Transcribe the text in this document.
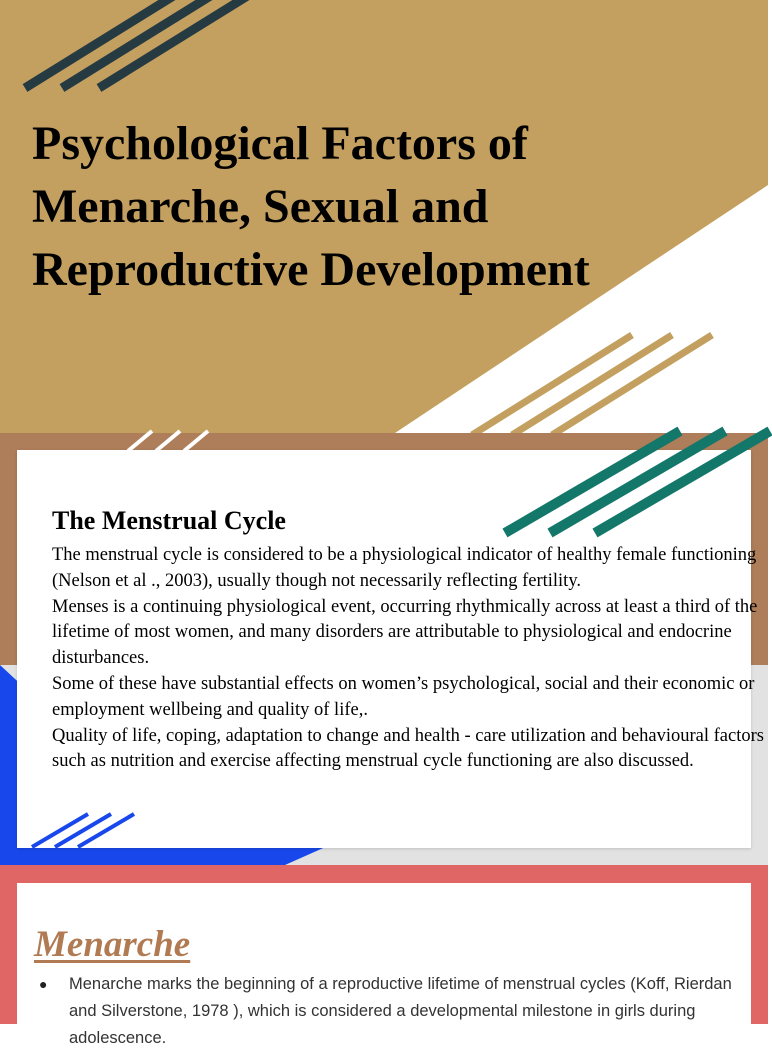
Psychological Factors of Menarche, Sexual and Reproductive Development
The Menstrual Cycle

The menstrual cycle is considered to be a physiological indicator of healthy female functioning (Nelson et al ., 2003), usually though not necessarily reflecting fertility.

Menses is a continuing physiological event, occurring rhythmically across at least a third of the lifetime of most women, and many disorders are attributable to physiological and endocrine disturbances.

Some of these have substantial effects on women’s psychological, social and their economic or employment wellbeing and quality of life,.

Quality of life, coping, adaptation to change and health - care utilization and behavioural factors such as nutrition and exercise affecting menstrual cycle functioning are also discussed.

Menarche
● Menarche marks the beginning of a reproductive lifetime of menstrual cycles (Koff, Rierdan and Silverstone, 1978 ), which is considered a developmental milestone in girls during adolescence.
